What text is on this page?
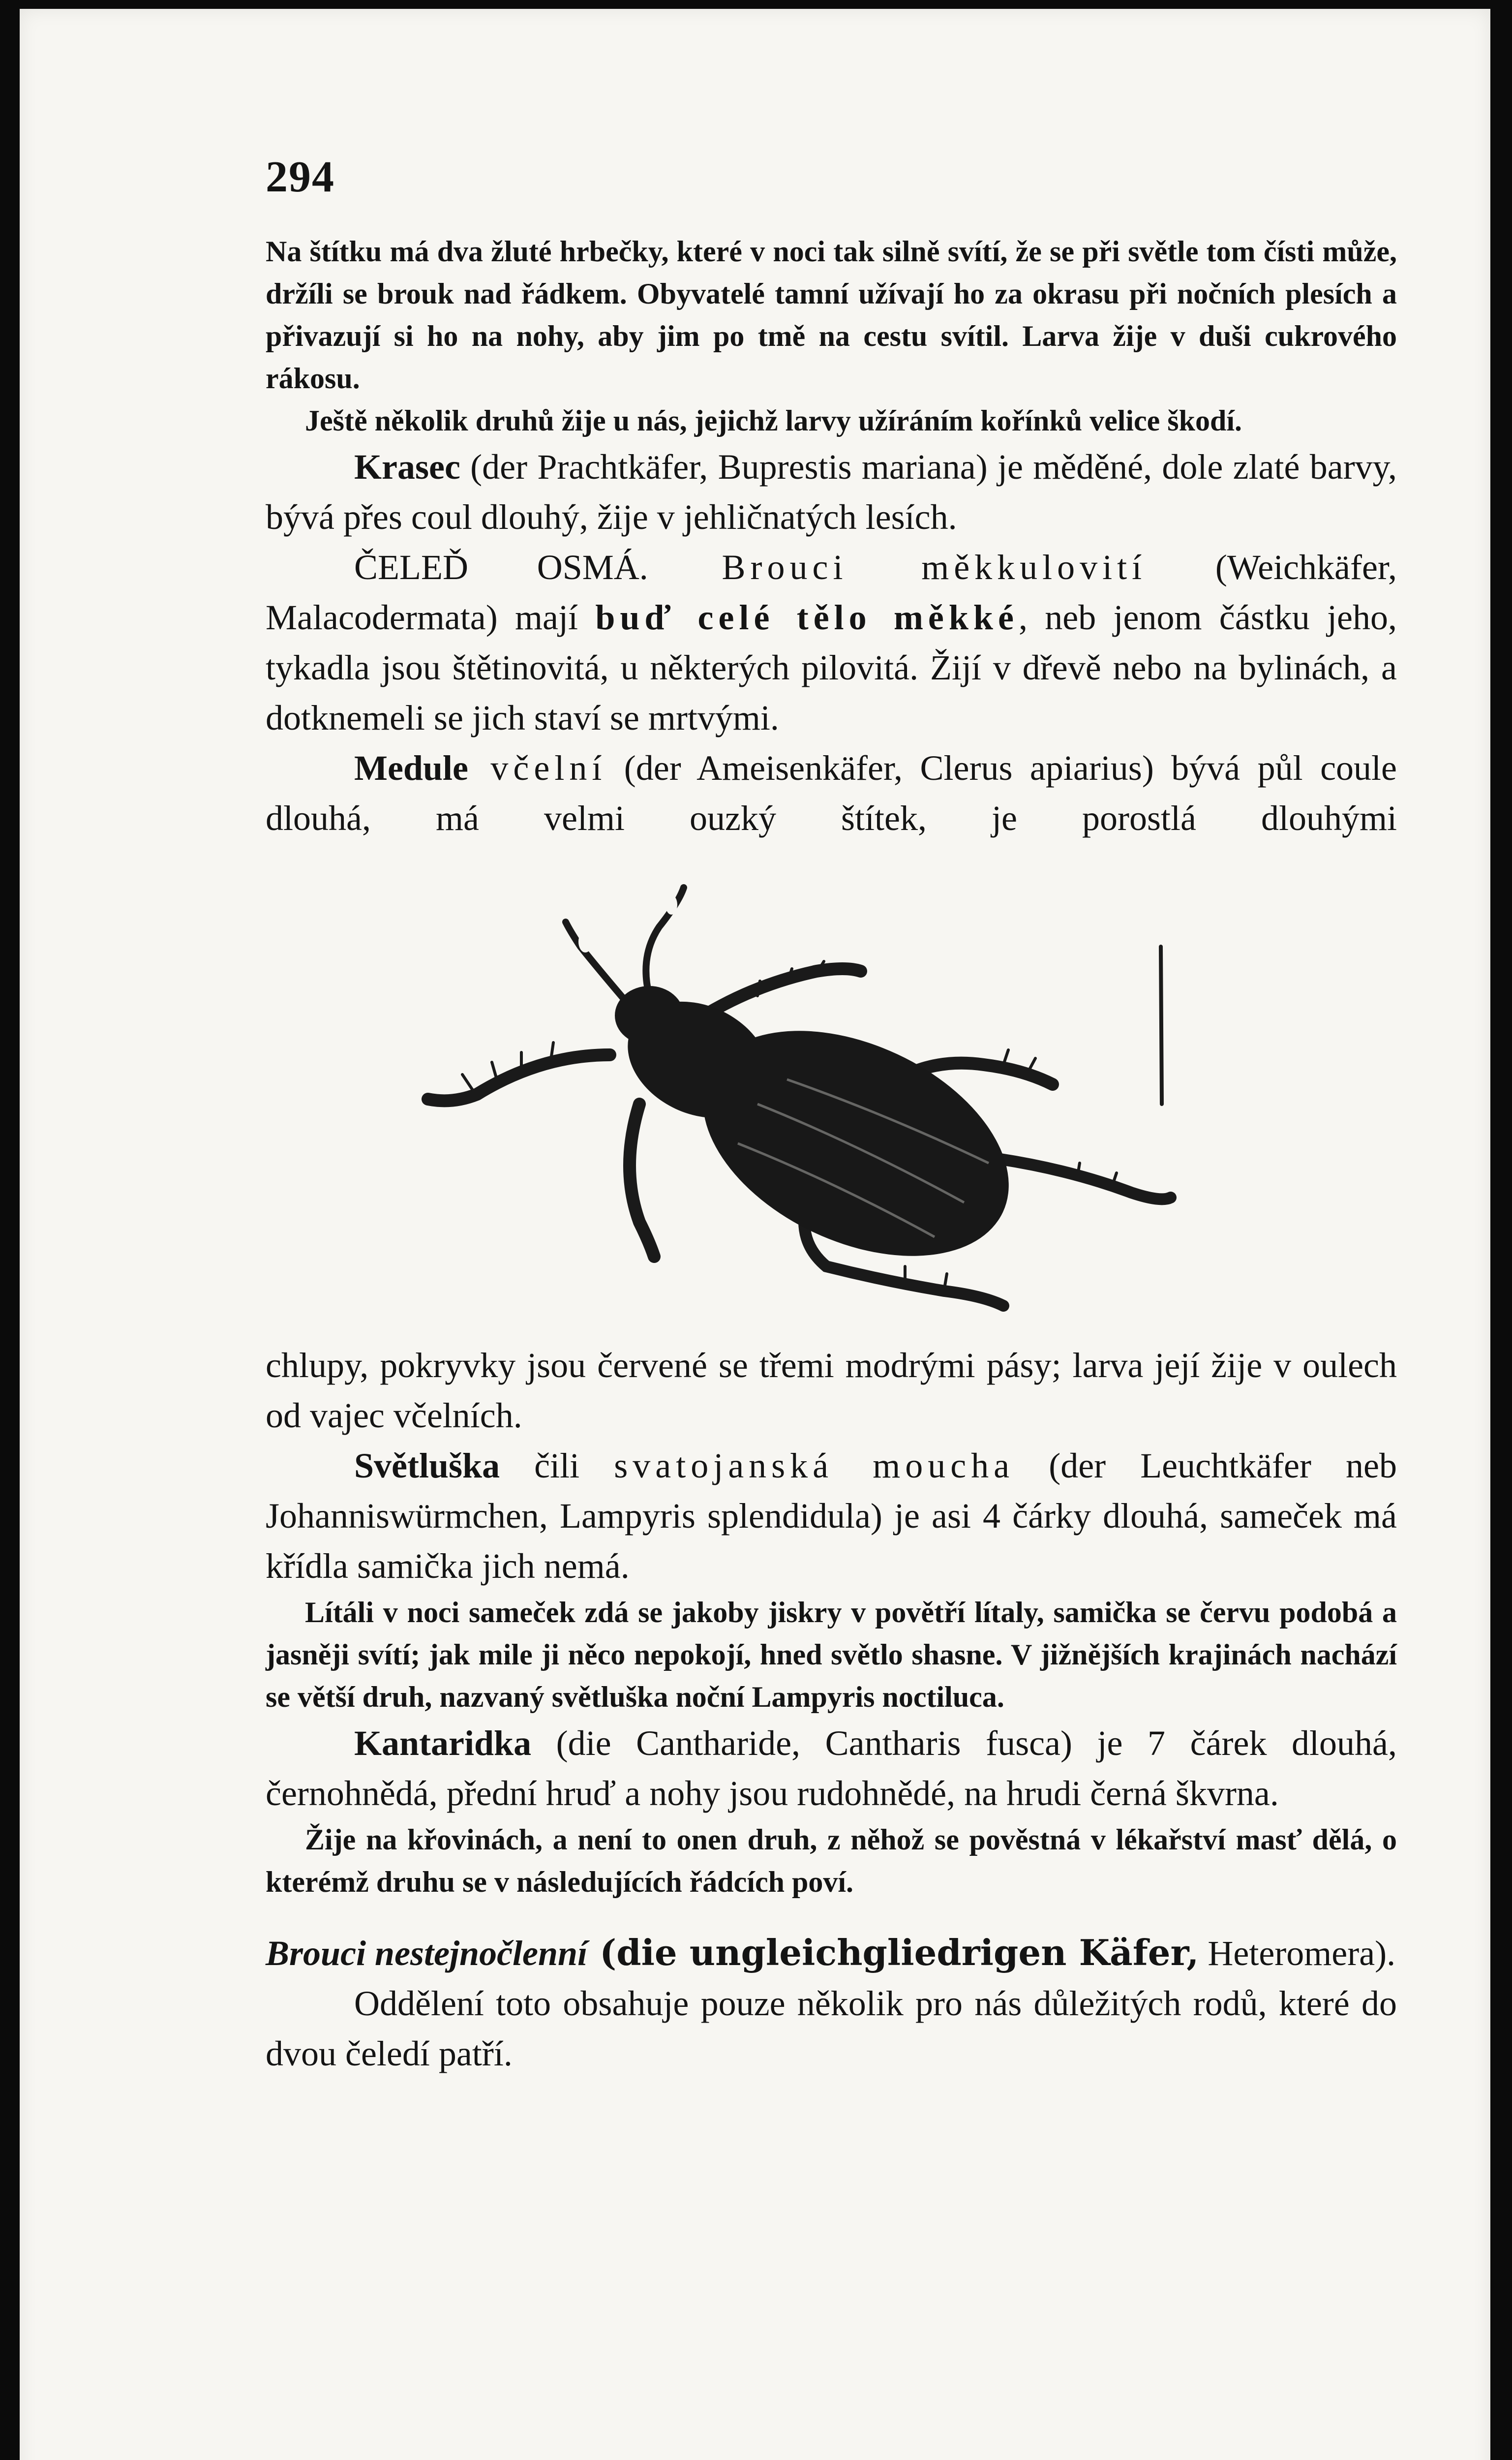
294

Na štítku má dva žluté hrbečky, které v noci tak silně svítí, že se při světle tom čísti může, držíli se brouk nad řádkem. Obyvatelé tamní užívají ho za okrasu při nočních plesích a přivazují si ho na nohy, aby jim po tmě na cestu svítil. Larva žije v duši cukrového rákosu.

Ještě několik druhů žije u nás, jejichž larvy užíráním kořínků velice škodí.

Krasec (der Prachtkäfer, Buprestis mariana) je měděné, dole zlaté barvy, bývá přes coul dlouhý, žije v jehličnatých lesích.

ČELEĎ OSMÁ. Brouci měkkulovití (Weichkäfer, Malacodermata) mají buď celé tělo měkké, neb jenom částku jeho, tykadla jsou štětinovitá, u některých pilovitá. Žijí v dřevě nebo na bylinách, a dotknemeli se jich staví se mrtvými.

Medule včelní (der Ameisenkäfer, Clerus apiarius) bývá půl coule dlouhá, má velmi ouzký štítek, je porostlá dlouhými

chlupy, pokryvky jsou červené se třemi modrými pásy; larva její žije v oulech od vajec včelních.

Světluška čili svatojanská moucha (der Leuchtkäfer neb Johanniswürmchen, Lampyris splendidula) je asi 4 čárky dlouhá, sameček má křídla samička jich nemá.

Lítáli v noci sameček zdá se jakoby jiskry v povětří lítaly, samička se červu podobá a jasněji svítí; jak mile ji něco nepokojí, hned světlo shasne. V jižnějších krajinách nachází se větší druh, nazvaný světluška noční Lampyris noctiluca.

Kantaridka (die Cantharide, Cantharis fusca) je 7 čárek dlouhá, černohnědá, přední hruď a nohy jsou rudohnědé, na hrudi černá škvrna.

Žije na křovinách, a není to onen druh, z něhož se pověstná v lékařství masť dělá, o kterémž druhu se v následujících řádcích poví.

Brouci nestejnočlenní (die ungleichgliedrigen Käfer, Heteromera).

Oddělení toto obsahuje pouze několik pro nás důležitých rodů, které do dvou čeledí patří.
